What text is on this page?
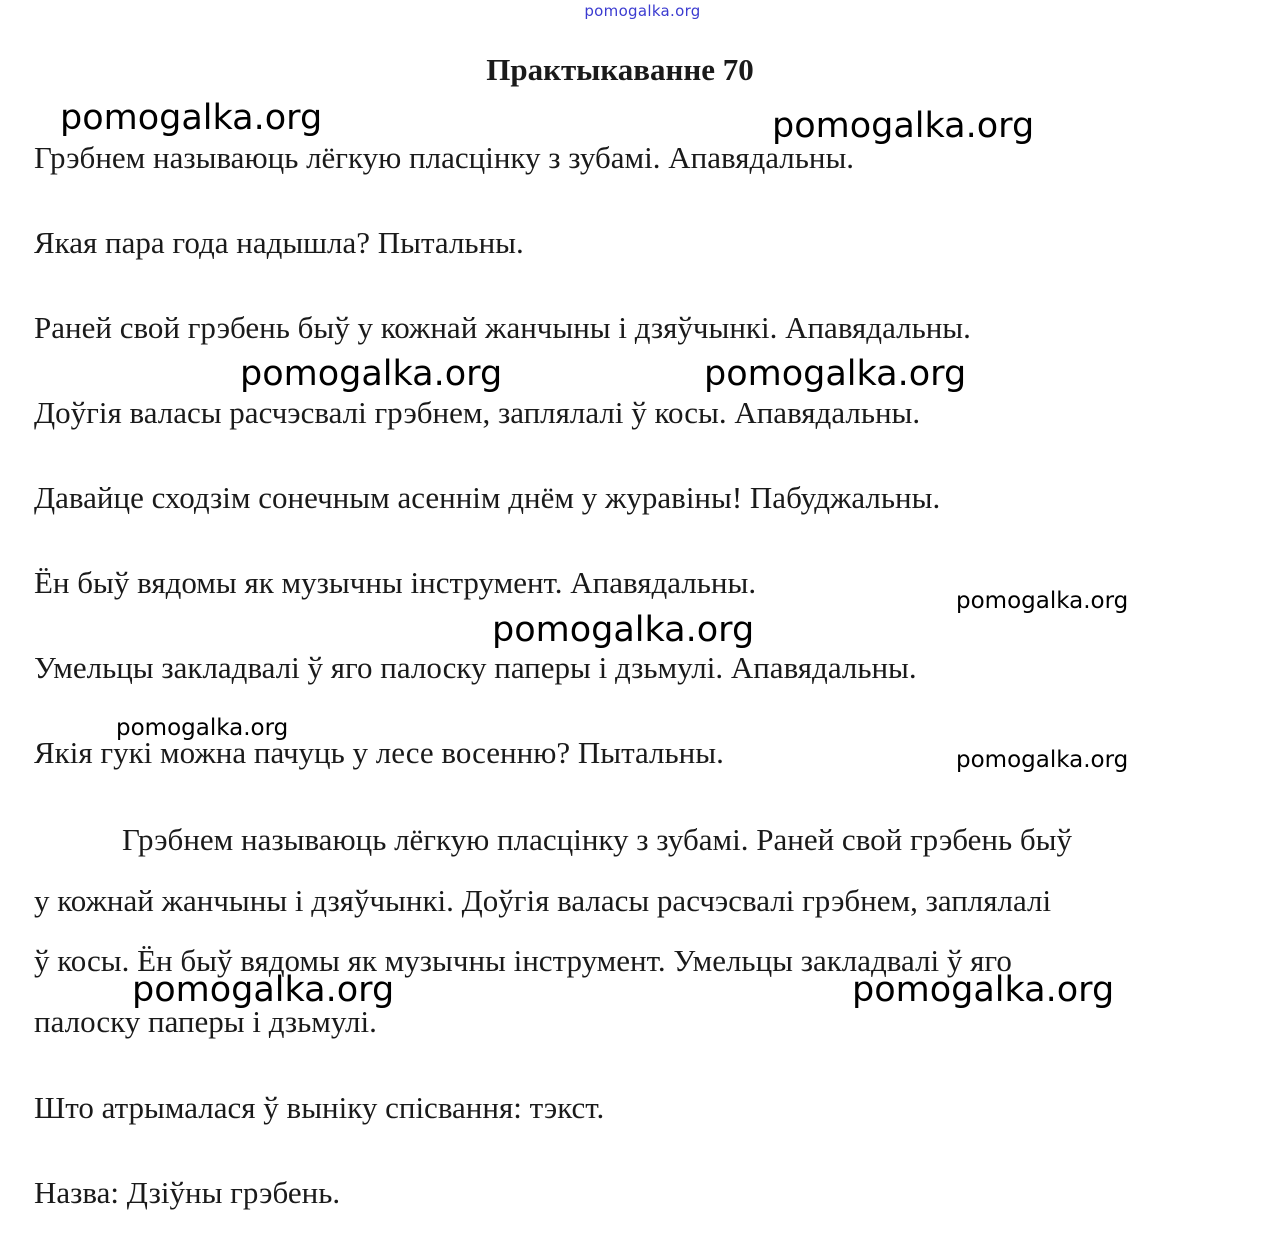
pomogalka.org
Практыкаванне 70
Грэбнем называюць лёгкую пласцінку з зубамі. Апавядальны.
Якая пара года надышла? Пытальны.
Раней свой грэбень быў у кожнай жанчыны і дзяўчынкі. Апавядальны.
Доўгія валасы расчэсвалі грэбнем, заплялалі ў косы. Апавядальны.
Давайце сходзім сонечным асеннім днём у журавіны! Пабуджальны.
Ён быў вядомы як музычны інструмент. Апавядальны.
Умельцы закладвалі ў яго палоску паперы і дзьмулі. Апавядальны.
Якія гукі можна пачуць у лесе восенню? Пытальны.
Грэбнем называюць лёгкую пласцінку з зубамі. Раней свой грэбень быў
у кожнай жанчыны і дзяўчынкі. Доўгія валасы расчэсвалі грэбнем, заплялалі
ў косы. Ён быў вядомы як музычны інструмент. Умельцы закладвалі ў яго
палоску паперы і дзьмулі.
Што атрымалася ў выніку спісвання: тэкст.
Назва: Дзіўны грэбень.
pomogalka.org	pomogalka.org
pomogalka.org	pomogalka.org
pomogalka.org
pomogalka.org
pomogalka.org
pomogalka.org
pomogalka.org	pomogalka.org
